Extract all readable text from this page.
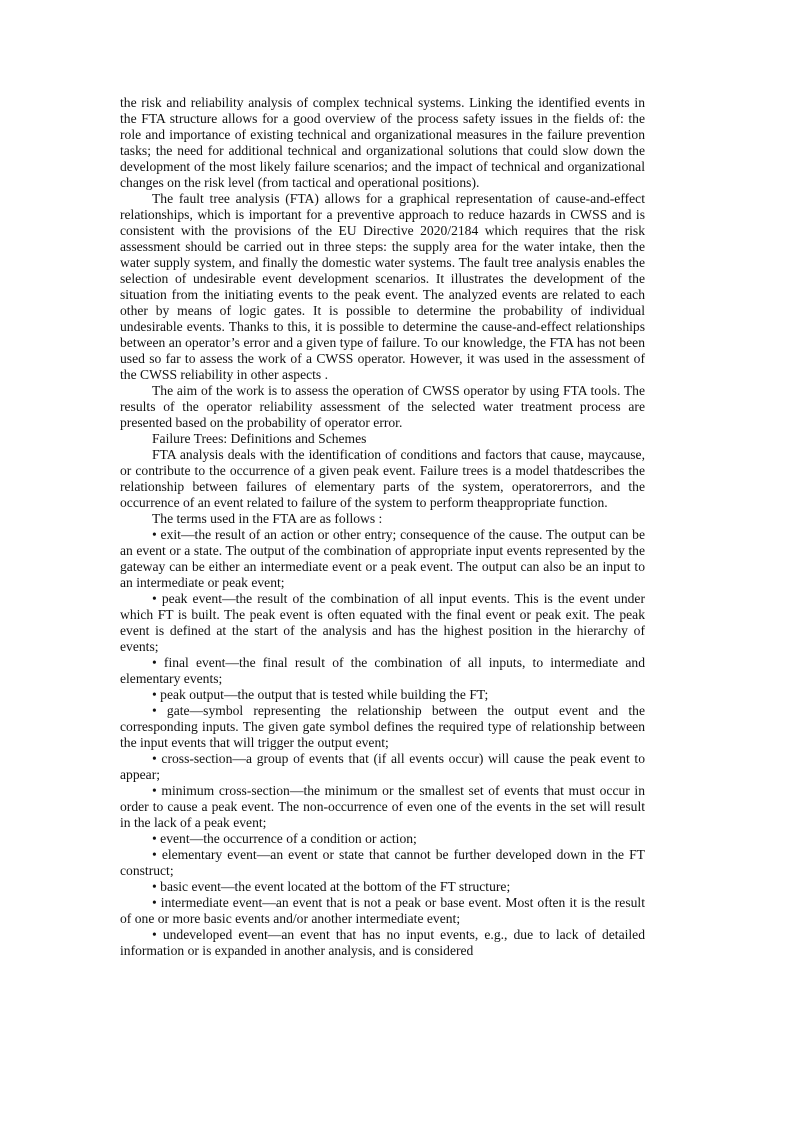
the risk and reliability analysis of complex technical systems. Linking the identified events in the FTA structure allows for a good overview of the process safety issues in the fields of: the role and importance of existing technical and organizational measures in the failure prevention tasks; the need for additional technical and organizational solutions that could slow down the development of the most likely failure scenarios; and the impact of technical and organizational changes on the risk level (from tactical and operational positions).

The fault tree analysis (FTA) allows for a graphical representation of cause-and-effect relationships, which is important for a preventive approach to reduce hazards in CWSS and is consistent with the provisions of the EU Directive 2020/2184 which requires that the risk assessment should be carried out in three steps: the supply area for the water intake, then the water supply system, and finally the domestic water systems. The fault tree analysis enables the selection of undesirable event development scenarios. It illustrates the development of the situation from the initiating events to the peak event. The analyzed events are related to each other by means of logic gates. It is possible to determine the probability of individual undesirable events. Thanks to this, it is possible to determine the cause-and-effect relationships between an operator’s error and a given type of failure. To our knowledge, the FTA has not been used so far to assess the work of a CWSS operator. However, it was used in the assessment of the CWSS reliability in other aspects .

The aim of the work is to assess the operation of CWSS operator by using FTA tools. The results of the operator reliability assessment of the selected water treatment process are presented based on the probability of operator error.

Failure Trees: Definitions and Schemes

FTA analysis deals with the identification of conditions and factors that cause, maycause, or contribute to the occurrence of a given peak event. Failure trees is a model thatdescribes the relationship between failures of elementary parts of the system, operatorerrors, and the occurrence of an event related to failure of the system to perform theappropriate function.

The terms used in the FTA are as follows :

• exit—the result of an action or other entry; consequence of the cause. The output can be an event or a state. The output of the combination of appropriate input events represented by the gateway can be either an intermediate event or a peak event. The output can also be an input to an intermediate or peak event;

• peak event—the result of the combination of all input events. This is the event under which FT is built. The peak event is often equated with the final event or peak exit. The peak event is defined at the start of the analysis and has the highest position in the hierarchy of events;

• final event—the final result of the combination of all inputs, to intermediate and elementary events;

• peak output—the output that is tested while building the FT;

• gate—symbol representing the relationship between the output event and the corresponding inputs. The given gate symbol defines the required type of relationship between the input events that will trigger the output event;

• cross-section—a group of events that (if all events occur) will cause the peak event to appear;

• minimum cross-section—the minimum or the smallest set of events that must occur in order to cause a peak event. The non-occurrence of even one of the events in the set will result in the lack of a peak event;

• event—the occurrence of a condition or action;

• elementary event—an event or state that cannot be further developed down in the FT construct;

• basic event—the event located at the bottom of the FT structure;

• intermediate event—an event that is not a peak or base event. Most often it is the result of one or more basic events and/or another intermediate event;

• undeveloped event—an event that has no input events, e.g., due to lack of detailed information or is expanded in another analysis, and is considered
